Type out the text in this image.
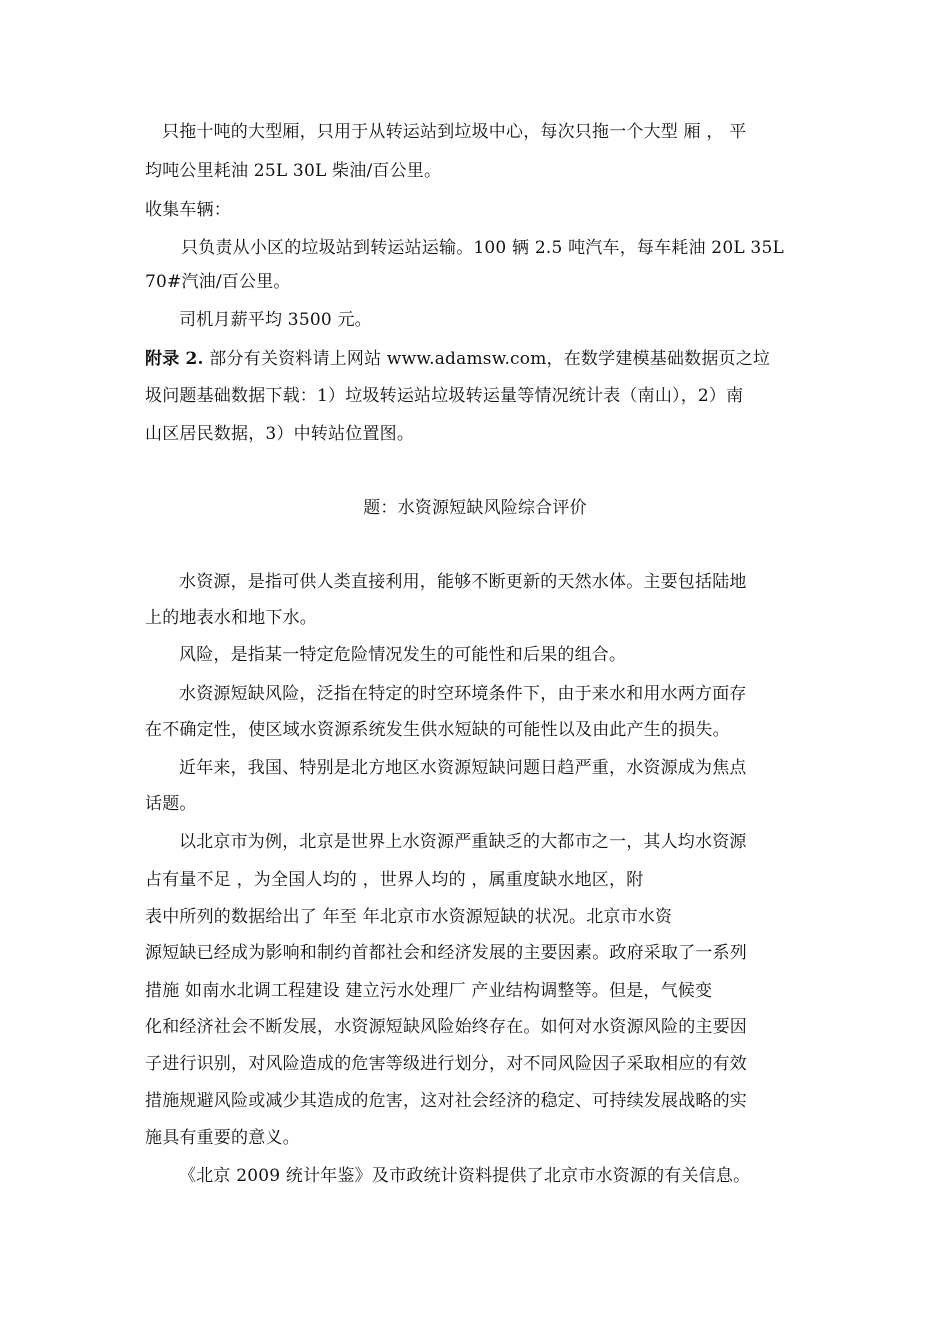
只拖十吨的大型厢，只用于从转运站到垃圾中心，每次只拖一个大型 厢 ， 平
均吨公里耗油 25L 30L 柴油/百公里。
收集车辆：
只负责从小区的垃圾站到转运站运输。100 辆 2.5 吨汽车，每车耗油 20L 35L
70#汽油/百公里。
司机月薪平均 3500 元。
附录 2. 部分有关资料请上网站 www.adamsw.com，在数学建模基础数据页之垃
圾问题基础数据下载：1）垃圾转运站垃圾转运量等情况统计表（南山），2）南
山区居民数据，3）中转站位置图。
题：水资源短缺风险综合评价
水资源，是指可供人类直接利用，能够不断更新的天然水体。主要包括陆地
上的地表水和地下水。
风险，是指某一特定危险情况发生的可能性和后果的组合。
水资源短缺风险，泛指在特定的时空环境条件下，由于来水和用水两方面存
在不确定性，使区域水资源系统发生供水短缺的可能性以及由此产生的损失。
近年来，我国、特别是北方地区水资源短缺问题日趋严重，水资源成为焦点
话题。
以北京市为例，北京是世界上水资源严重缺乏的大都市之一，其人均水资源
占有量不足 ，为全国人均的 ，世界人均的 ，属重度缺水地区，附
表中所列的数据给出了 年至 年北京市水资源短缺的状况。北京市水资
源短缺已经成为影响和制约首都社会和经济发展的主要因素。政府采取了一系列
措施 如南水北调工程建设 建立污水处理厂 产业结构调整等。但是，气候变
化和经济社会不断发展，水资源短缺风险始终存在。如何对水资源风险的主要因
子进行识别，对风险造成的危害等级进行划分，对不同风险因子采取相应的有效
措施规避风险或减少其造成的危害，这对社会经济的稳定、可持续发展战略的实
施具有重要的意义。
《北京 2009 统计年鉴》及市政统计资料提供了北京市水资源的有关信息。
